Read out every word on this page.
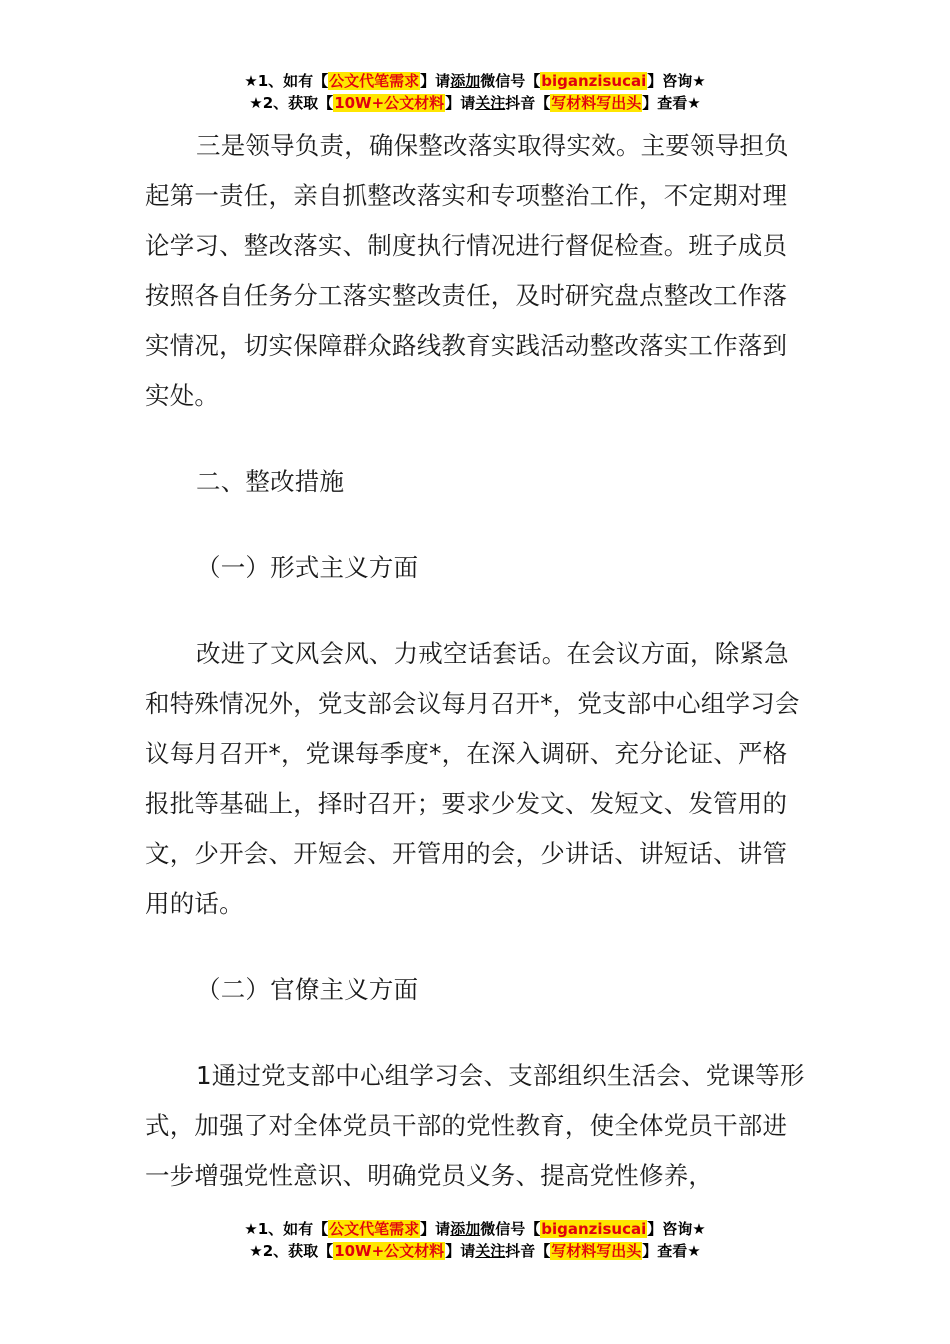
★1、如有【公文代笔需求】请添加微信号【biganzisucai】咨询★
★2、获取【10W+公文材料】请关注抖音【写材料写出头】查看★

三是领导负责，确保整改落实取得实效。主要领导担负起第一责任，亲自抓整改落实和专项整治工作，不定期对理论学习、整改落实、制度执行情况进行督促检查。班子成员按照各自任务分工落实整改责任，及时研究盘点整改工作落实情况，切实保障群众路线教育实践活动整改落实工作落到实处。

二、整改措施

（一）形式主义方面

改进了文风会风、力戒空话套话。在会议方面，除紧急和特殊情况外，党支部会议每月召开*，党支部中心组学习会议每月召开*，党课每季度*，在深入调研、充分论证、严格报批等基础上，择时召开；要求少发文、发短文、发管用的文，少开会、开短会、开管用的会，少讲话、讲短话、讲管用的话。

（二）官僚主义方面

1通过党支部中心组学习会、支部组织生活会、党课等形式，加强了对全体党员干部的党性教育，使全体党员干部进一步增强党性意识、明确党员义务、提高党性修养，

★1、如有【公文代笔需求】请添加微信号【biganzisucai】咨询★
★2、获取【10W+公文材料】请关注抖音【写材料写出头】查看★
